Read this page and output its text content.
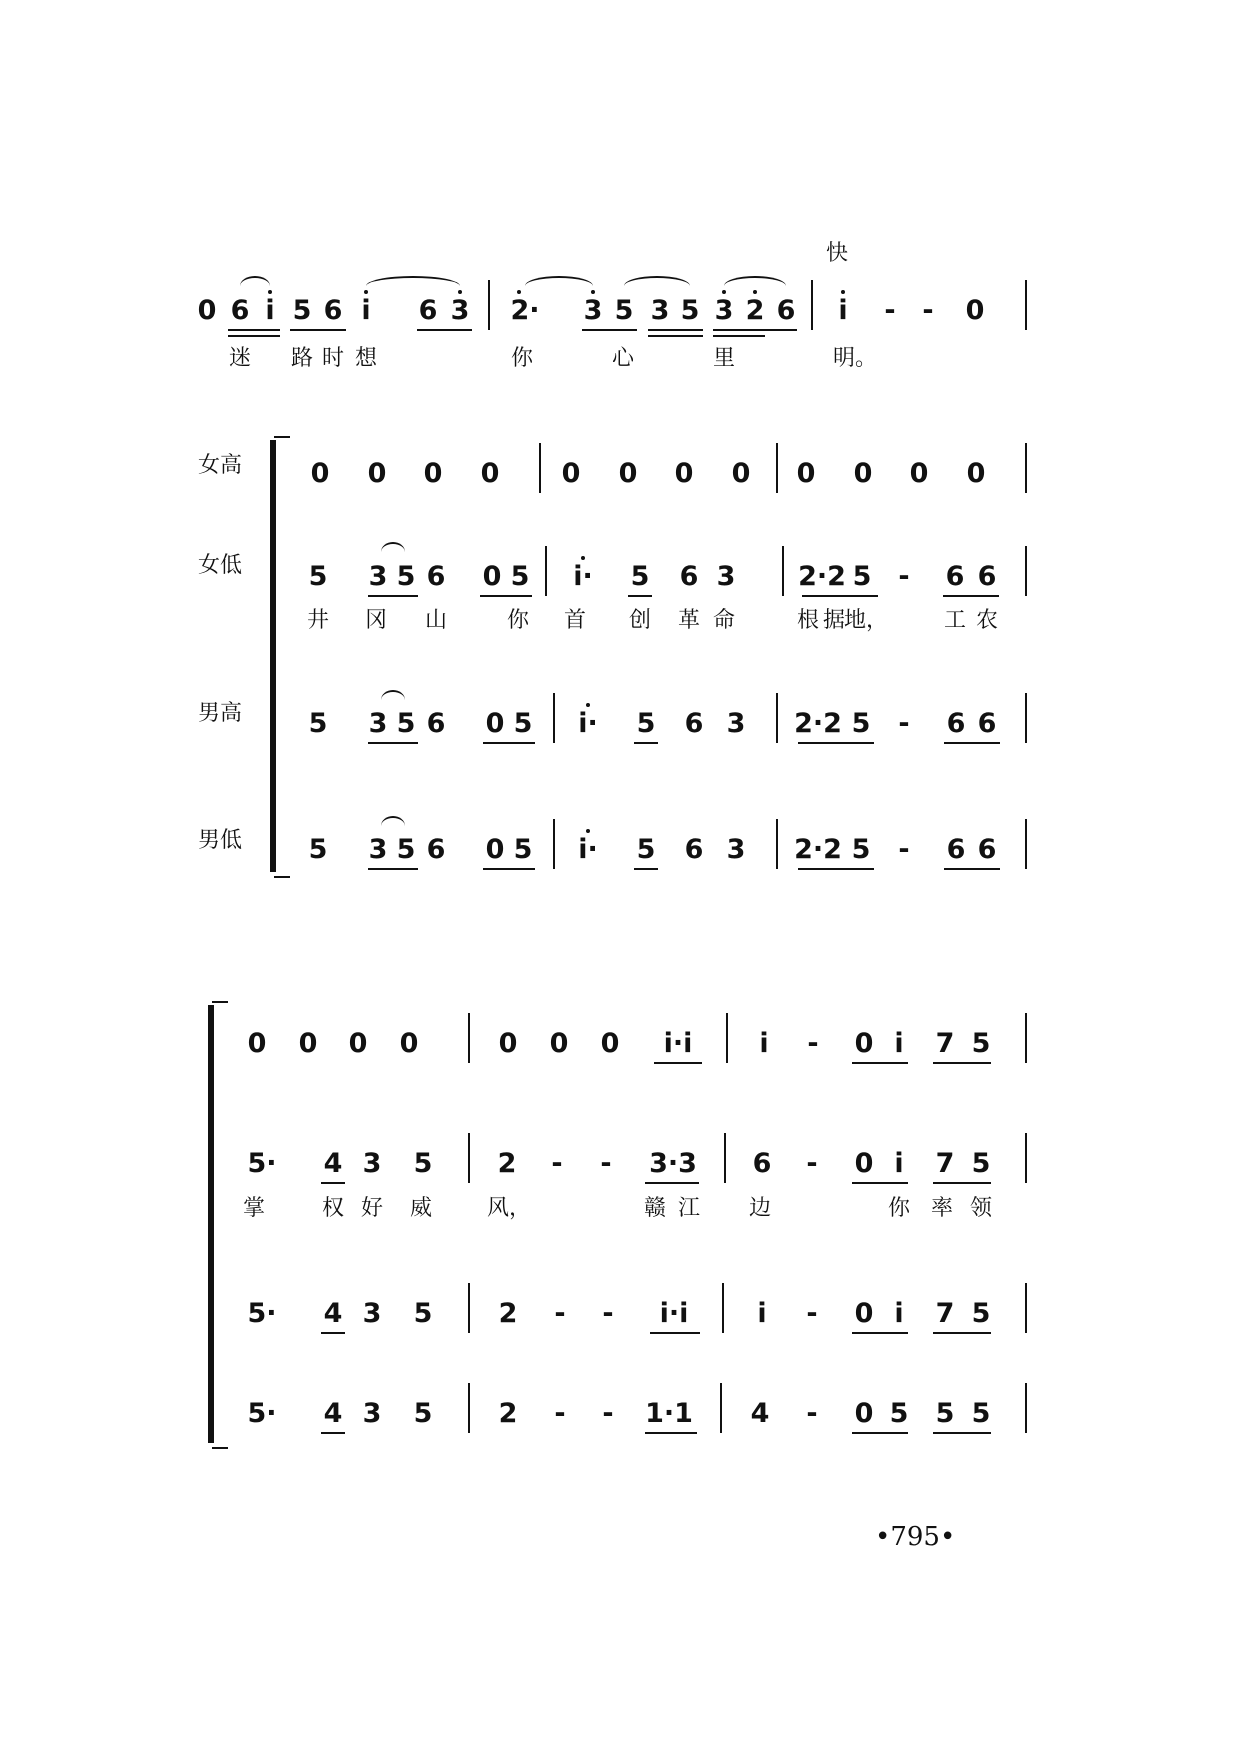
快
0 6 i 5 6 i 6 3 2· 3 5 3 5 3 2 6 i - - 0
迷 路 时 想	你	心	里	明。
女高
女低
男高
男低
0 0 0 0 0 0 0 0 0 0 0 0
5 3 5 6 0 5 i· 5 6 3 2·2 5 - 6 6
井 冈 山	你 首 创 革 命	根 据
地，	工 农
5 3 5 6 0 5 i· 5 6 3 2·2 5 - 6 6
5 3 5 6 0 5 i· 5 6 3 2·2 5 - 6 6
0 0 0 0	0 0 0 i·i i - 0 i 7 5
5· 4 3 5 2 - - 3·3 6 - 0 i 7 5
掌	权 好 威 风，	赣 江 边	你 率 领
5· 4 3 5 2 - - i·i	i - 0 i 7 5
5· 4 3 5 2 - - 1·1 4 - 0 5 5 5
•795•
